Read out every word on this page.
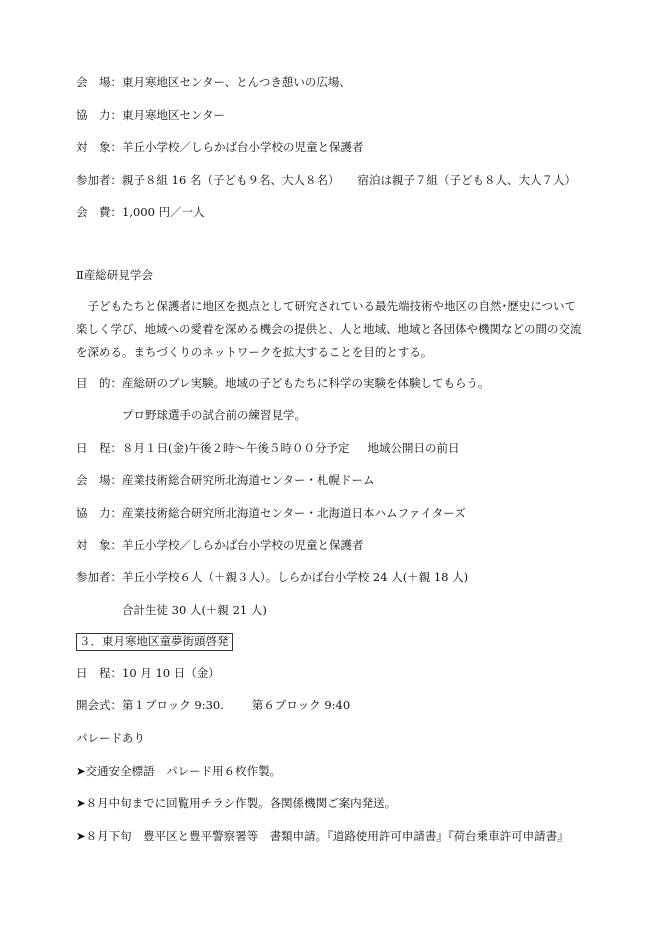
会　場：東月寒地区センター、とんつき憩いの広場、
協　力：東月寒地区センター
対　象：羊丘小学校／しらかば台小学校の児童と保護者
参加者：親子８組 16 名（子ども９名、大人８名） 宿泊は親子７組（子ども８人、大人７人）
会　費：1,000 円／一人
Ⅱ産総研見学会
　子どもたちと保護者に地区を拠点として研究されている最先端技術や地区の自然･歴史について
楽しく学び、地域への愛着を深める機会の提供と、人と地域、地域と各団体や機関などの間の交流
を深める。まちづくりのネットワークを拡大することを目的とする。
目　的：産総研のプレ実験。地域の子どもたちに科学の実験を体験してもらう。
プロ野球選手の試合前の練習見学。
日　程：８月１日(金)午後２時～午後５時００分予定 地域公開日の前日
会　場：産業技術総合研究所北海道センター・札幌ドーム
協　力：産業技術総合研究所北海道センター・北海道日本ハムファイターズ
対　象：羊丘小学校／しらかば台小学校の児童と保護者
参加者：羊丘小学校６人（＋親３人）。しらかば台小学校 24 人(＋親 18 人)
合計生徒 30 人(＋親 21 人)
３．東月寒地区童夢街頭啓発
日　程：10 月 10 日（金）
開会式：第１ブロック 9:30. 第６ブロック 9:40
パレードあり
➤交通安全標語　パレード用６枚作製。
➤８月中旬までに回覧用チラシ作製。各関係機関ご案内発送。
➤８月下旬　豊平区と豊平警察署等　書類申請。『道路使用許可申請書』『荷台乗車許可申請書』
